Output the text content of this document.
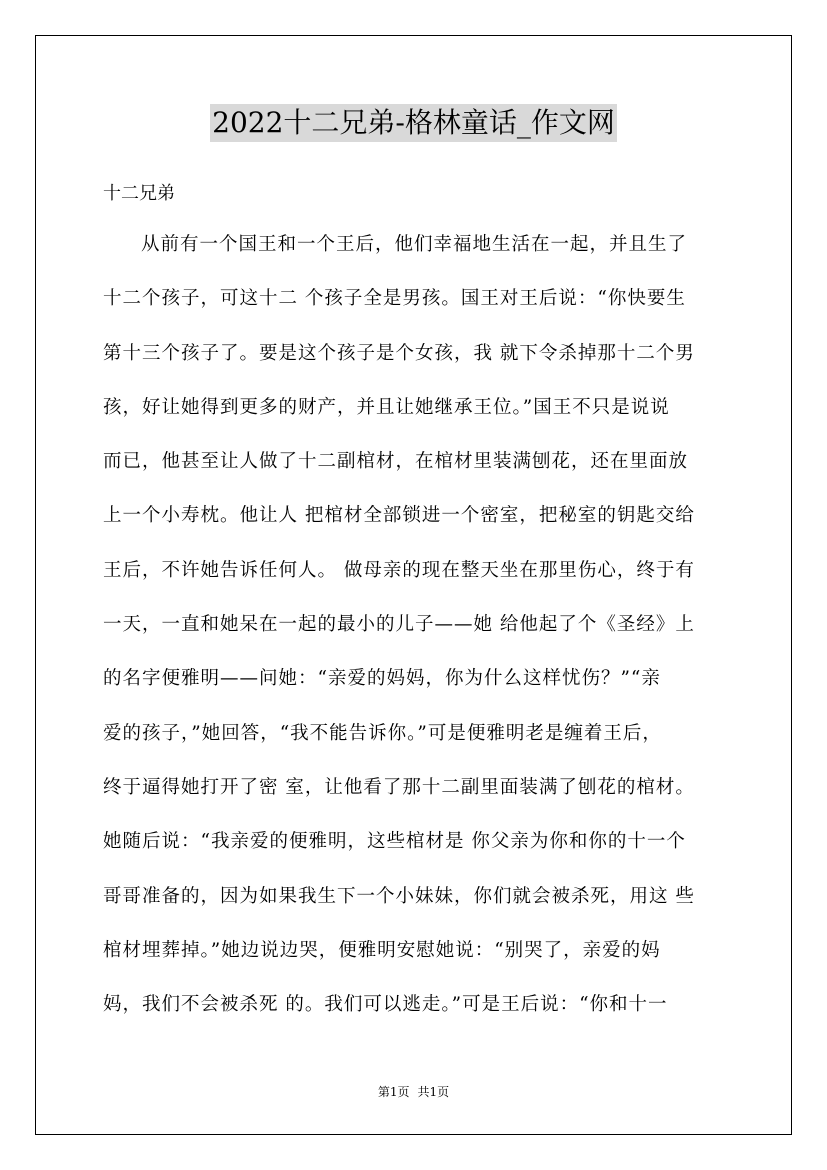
2022十二兄弟-格林童话_作文网
十二兄弟
从前有一个国王和一个王后，他们幸福地生活在一起，并且生了
十二个孩子，可这十二 个孩子全是男孩。国王对王后说：“你快要生
第十三个孩子了。要是这个孩子是个女孩，我 就下令杀掉那十二个男
孩，好让她得到更多的财产，并且让她继承王位。”国王不只是说说
而已，他甚至让人做了十二副棺材，在棺材里装满刨花，还在里面放
上一个小寿枕。他让人 把棺材全部锁进一个密室，把秘室的钥匙交给
王后，不许她告诉任何人。 做母亲的现在整天坐在那里伤心，终于有
一天，一直和她呆在一起的最小的儿子——她 给他起了个《圣经》上
的名字便雅明——问她：“亲爱的妈妈，你为什么这样忧伤？”“亲
爱的孩子，”她回答，“我不能告诉你。”可是便雅明老是缠着王后，
终于逼得她打开了密 室，让他看了那十二副里面装满了刨花的棺材。
她随后说：“我亲爱的便雅明，这些棺材是 你父亲为你和你的十一个
哥哥准备的，因为如果我生下一个小妹妹，你们就会被杀死，用这 些
棺材埋葬掉。”她边说边哭，便雅明安慰她说：“别哭了，亲爱的妈
妈，我们不会被杀死 的。我们可以逃走。”可是王后说：“你和十一
第1页 共1页
